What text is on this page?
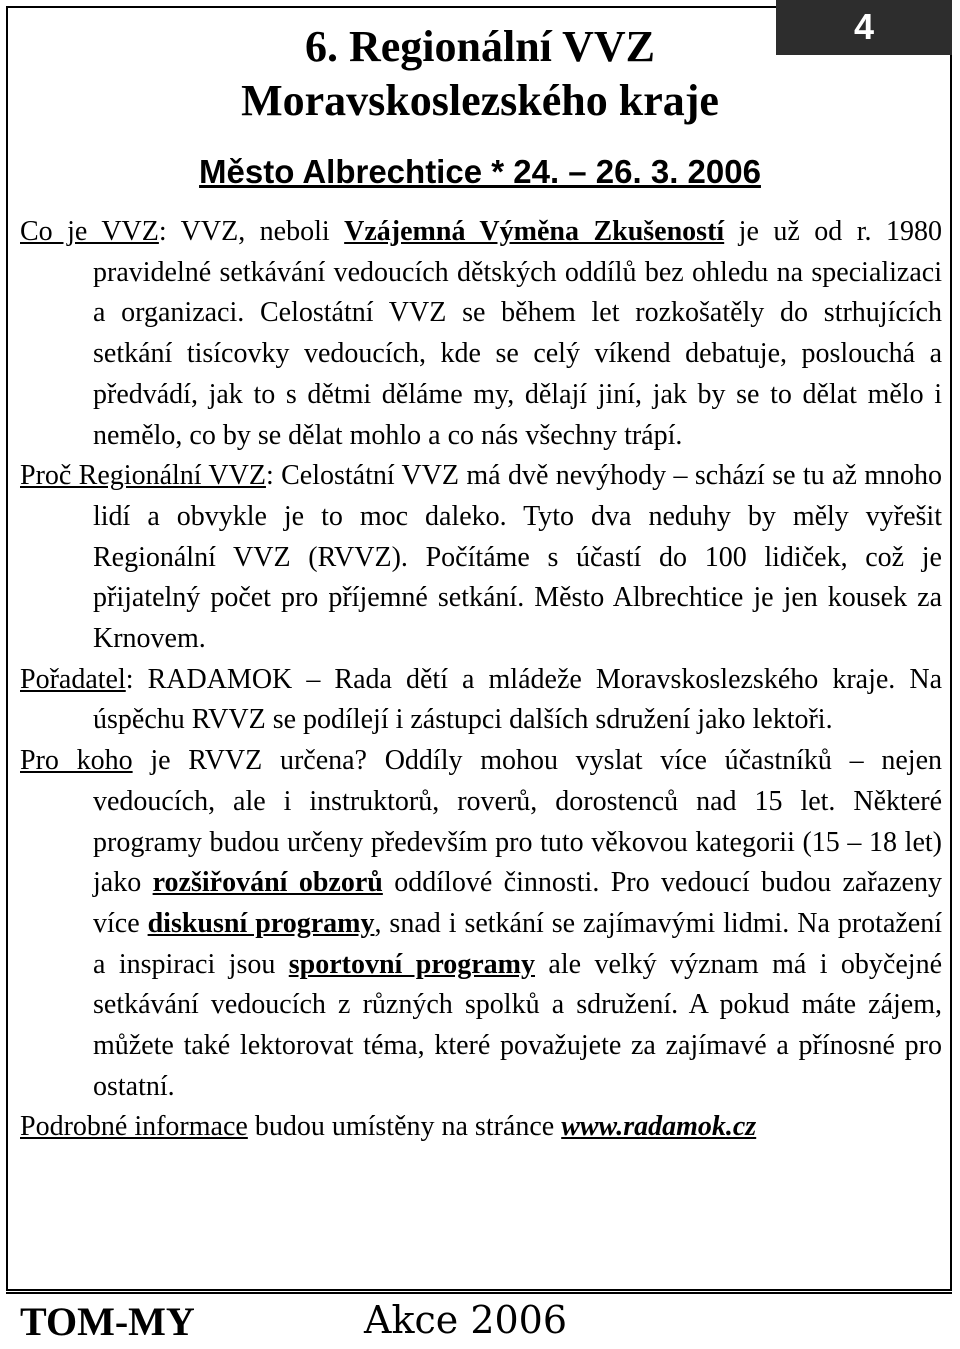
6. Regionální VVZ
Moravskoslezského kraje
Město Albrechtice * 24. – 26. 3. 2006

Co je VVZ: VVZ, neboli Vzájemná Výměna Zkušeností je už od r. 1980 pravidelné setkávání vedoucích dětských oddílů bez ohledu na specializaci a organizaci. Celostátní VVZ se během let rozkošatěly do strhujících setkání tisícovky vedoucích, kde se celý víkend debatuje, poslouchá a předvádí, jak to s dětmi děláme my, dělají jiní, jak by se to dělat mělo i nemělo, co by se dělat mohlo a co nás všechny trápí.

Proč Regionální VVZ: Celostátní VVZ má dvě nevýhody – schází se tu až mnoho lidí a obvykle je to moc daleko. Tyto dva neduhy by měly vyřešit Regionální VVZ (RVVZ). Počítáme s účastí do 100 lidiček, což je přijatelný počet pro příjemné setkání. Město Albrechtice je jen kousek za Krnovem.

Pořadatel: RADAMOK – Rada dětí a mládeže Moravskoslezského kraje. Na úspěchu RVVZ se podílejí i zástupci dalších sdružení jako lektoři.

Pro koho je RVVZ určena? Oddíly mohou vyslat více účastníků – nejen vedoucích, ale i instruktorů, roverů, dorostenců nad 15 let. Některé programy budou určeny především pro tuto věkovou kategorii (15 – 18 let) jako rozšiřování obzorů oddílové činnosti. Pro vedoucí budou zařazeny více diskusní programy, snad i setkání se zajímavými lidmi. Na protažení a inspiraci jsou sportovní programy ale velký význam má i obyčejné setkávání vedoucích z různých spolků a sdružení. A pokud máte zájem, můžete také lektorovat téma, které považujete za zajímavé a přínosné pro ostatní.

Podrobné informace budou umístěny na stránce www.radamok.cz

TOM-MY	Akce 2006
4
